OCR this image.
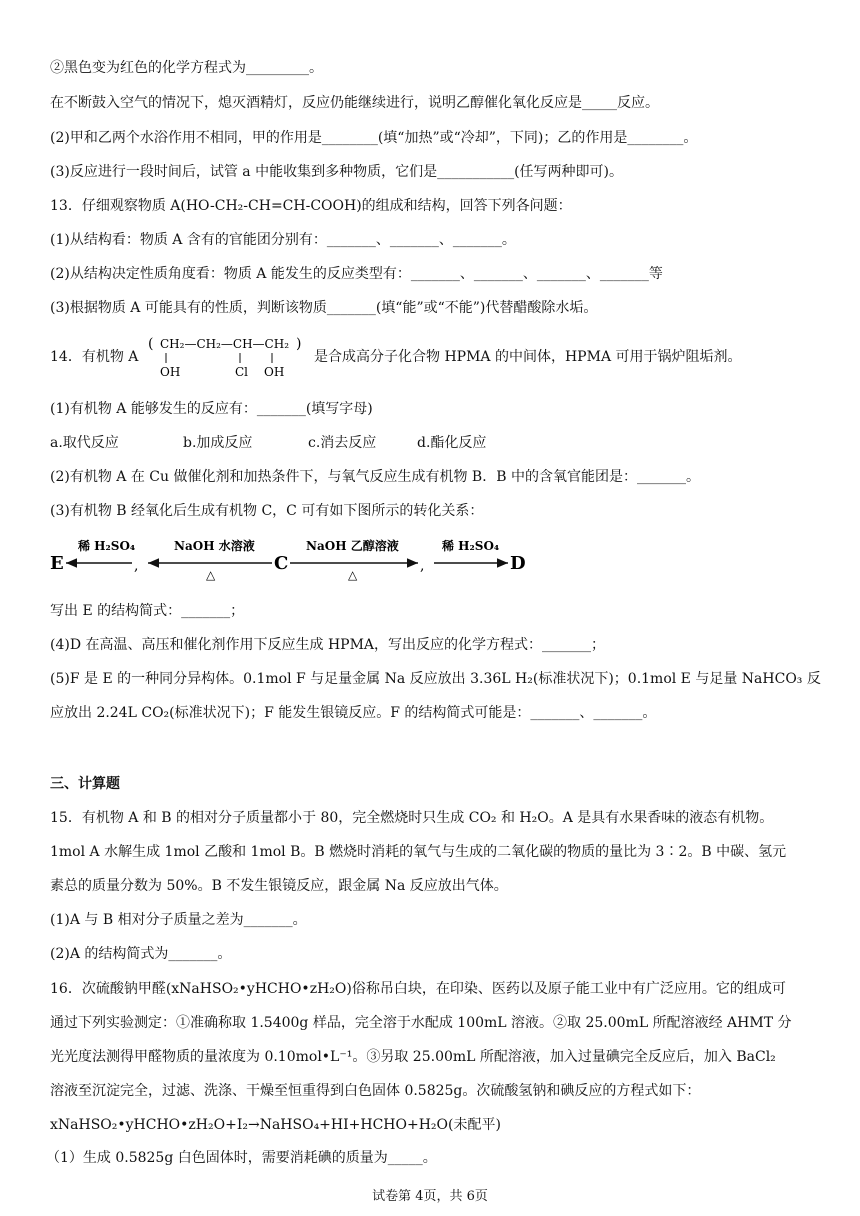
②黑色变为红色的化学方程式为_________。
在不断鼓入空气的情况下，熄灭酒精灯，反应仍能继续进行，说明乙醇催化氧化反应是_____反应。
(2)甲和乙两个水浴作用不相同，甲的作用是________(填“加热”或“冷却”，下同)；乙的作用是________。
(3)反应进行一段时间后，试管 a 中能收集到多种物质，它们是___________(任写两种即可)。
13．仔细观察物质 A(HO-CH₂-CH=CH-COOH)的组成和结构，回答下列各问题：
(1)从结构看：物质 A 含有的官能团分别有：_______、_______、_______。
(2)从结构决定性质角度看：物质 A 能发生的反应类型有：_______、_______、_______、_______等
(3)根据物质 A 可能具有的性质，判断该物质_______(填“能”或“不能”)代替醋酸除水垢。
14．有机物 A
( CH₂—CH₂—CH—CH₂ )
OH	Cl OH
是合成高分子化合物 HPMA 的中间体，HPMA 可用于锅炉阻垢剂。
(1)有机物 A 能够发生的反应有：_______(填写字母)
a.取代反应	b.加成反应	c.消去反应	d.酯化反应
(2)有机物 A 在 Cu 做催化剂和加热条件下，与氧气反应生成有机物 B．B 中的含氧官能团是：_______。
(3)有机物 B 经氧化后生成有机物 C，C 可有如下图所示的转化关系：
E
稀 H₂SO₄
,
NaOH 水溶液
△
C
NaOH 乙醇溶液
△
,
稀 H₂SO₄
D
写出 E 的结构简式：_______；
(4)D 在高温、高压和催化剂作用下反应生成 HPMA，写出反应的化学方程式：_______；
(5)F 是 E 的一种同分异构体。0.1mol F 与足量金属 Na 反应放出 3.36L H₂(标准状况下)；0.1mol E 与足量 NaHCO₃ 反
应放出 2.24L CO₂(标准状况下)；F 能发生银镜反应。F 的结构简式可能是：_______、_______。
三、计算题
15．有机物 A 和 B 的相对分子质量都小于 80，完全燃烧时只生成 CO₂ 和 H₂O。A 是具有水果香味的液态有机物。
1mol A 水解生成 1mol 乙酸和 1mol B。B 燃烧时消耗的氧气与生成的二氧化碳的物质的量比为 3∶2。B 中碳、氢元
素总的质量分数为 50%。B 不发生银镜反应，跟金属 Na 反应放出气体。
(1)A 与 B 相对分子质量之差为_______。
(2)A 的结构简式为_______。
16．次硫酸钠甲醛(xNaHSO₂•yHCHO•zH₂O)俗称吊白块，在印染、医药以及原子能工业中有广泛应用。它的组成可
通过下列实验测定：①准确称取 1.5400g 样品，完全溶于水配成 100mL 溶液。②取 25.00mL 所配溶液经 AHMT 分
光光度法测得甲醛物质的量浓度为 0.10mol•L⁻¹。③另取 25.00mL 所配溶液，加入过量碘完全反应后，加入 BaCl₂
溶液至沉淀完全，过滤、洗涤、干燥至恒重得到白色固体 0.5825g。次硫酸氢钠和碘反应的方程式如下：
xNaHSO₂•yHCHO•zH₂O+I₂→NaHSO₄+HI+HCHO+H₂O(未配平)
（1）生成 0.5825g 白色固体时，需要消耗碘的质量为_____。
试卷第 4页，共 6页
